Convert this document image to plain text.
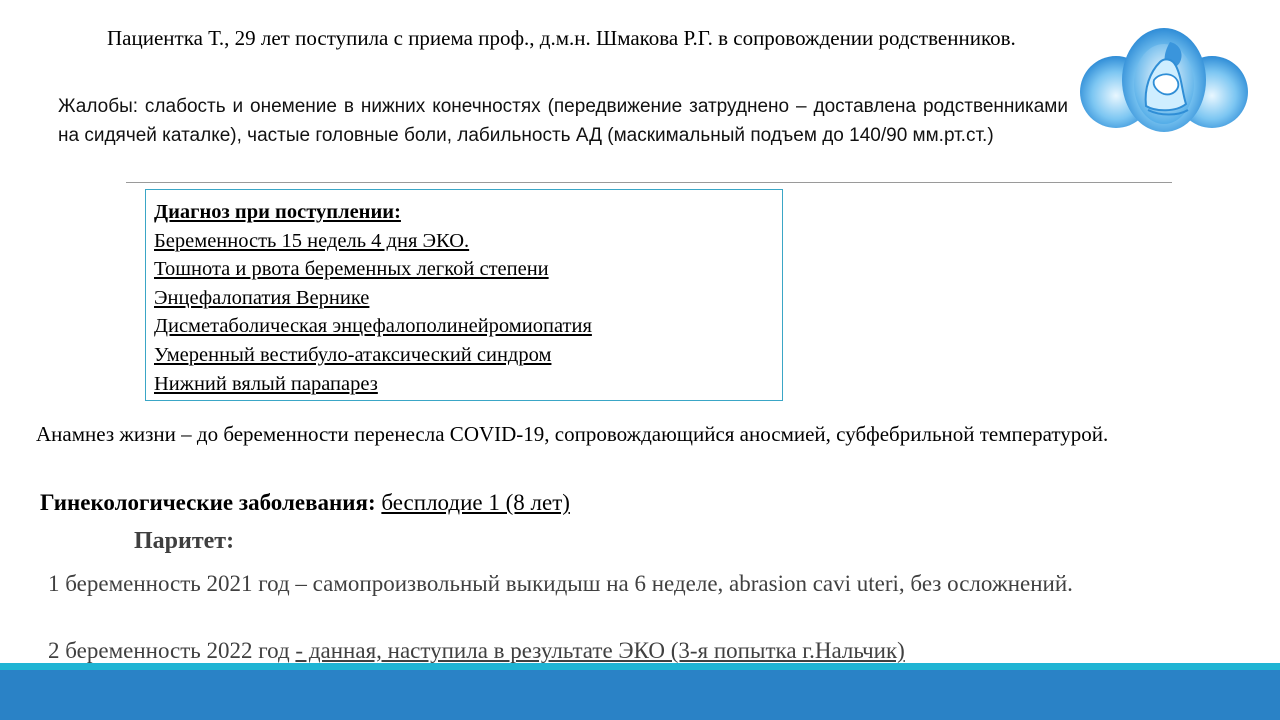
Пациентка Т., 29 лет поступила с приема проф., д.м.н. Шмакова Р.Г. в сопровождении родственников.
Жалобы: слабость и онемение в нижних конечностях (передвижение затруднено – доставлена родственниками на сидячей каталке), частые головные боли, лабильность АД (маскимальный подъем до 140/90 мм.рт.ст.)
Диагноз при поступлении:
Беременность 15 недель 4 дня ЭКО.
Тошнота и рвота беременных легкой степени
Энцефалопатия Вернике
Дисметаболическая энцефалополинейромиопатия
Умеренный вестибуло-атаксический синдром
Нижний вялый парапарез
Анамнез жизни – до беременности перенесла COVID-19, сопровождающийся аносмией, субфебрильной температурой.
Гинекологические заболевания: бесплодие 1 (8 лет)
Паритет:
1 беременность 2021 год – самопроизвольный выкидыш на 6 неделе, abrasion cavi uteri, без осложнений.
2 беременность 2022 год - данная, наступила в результате ЭКО (3-я попытка г.Нальчик)
